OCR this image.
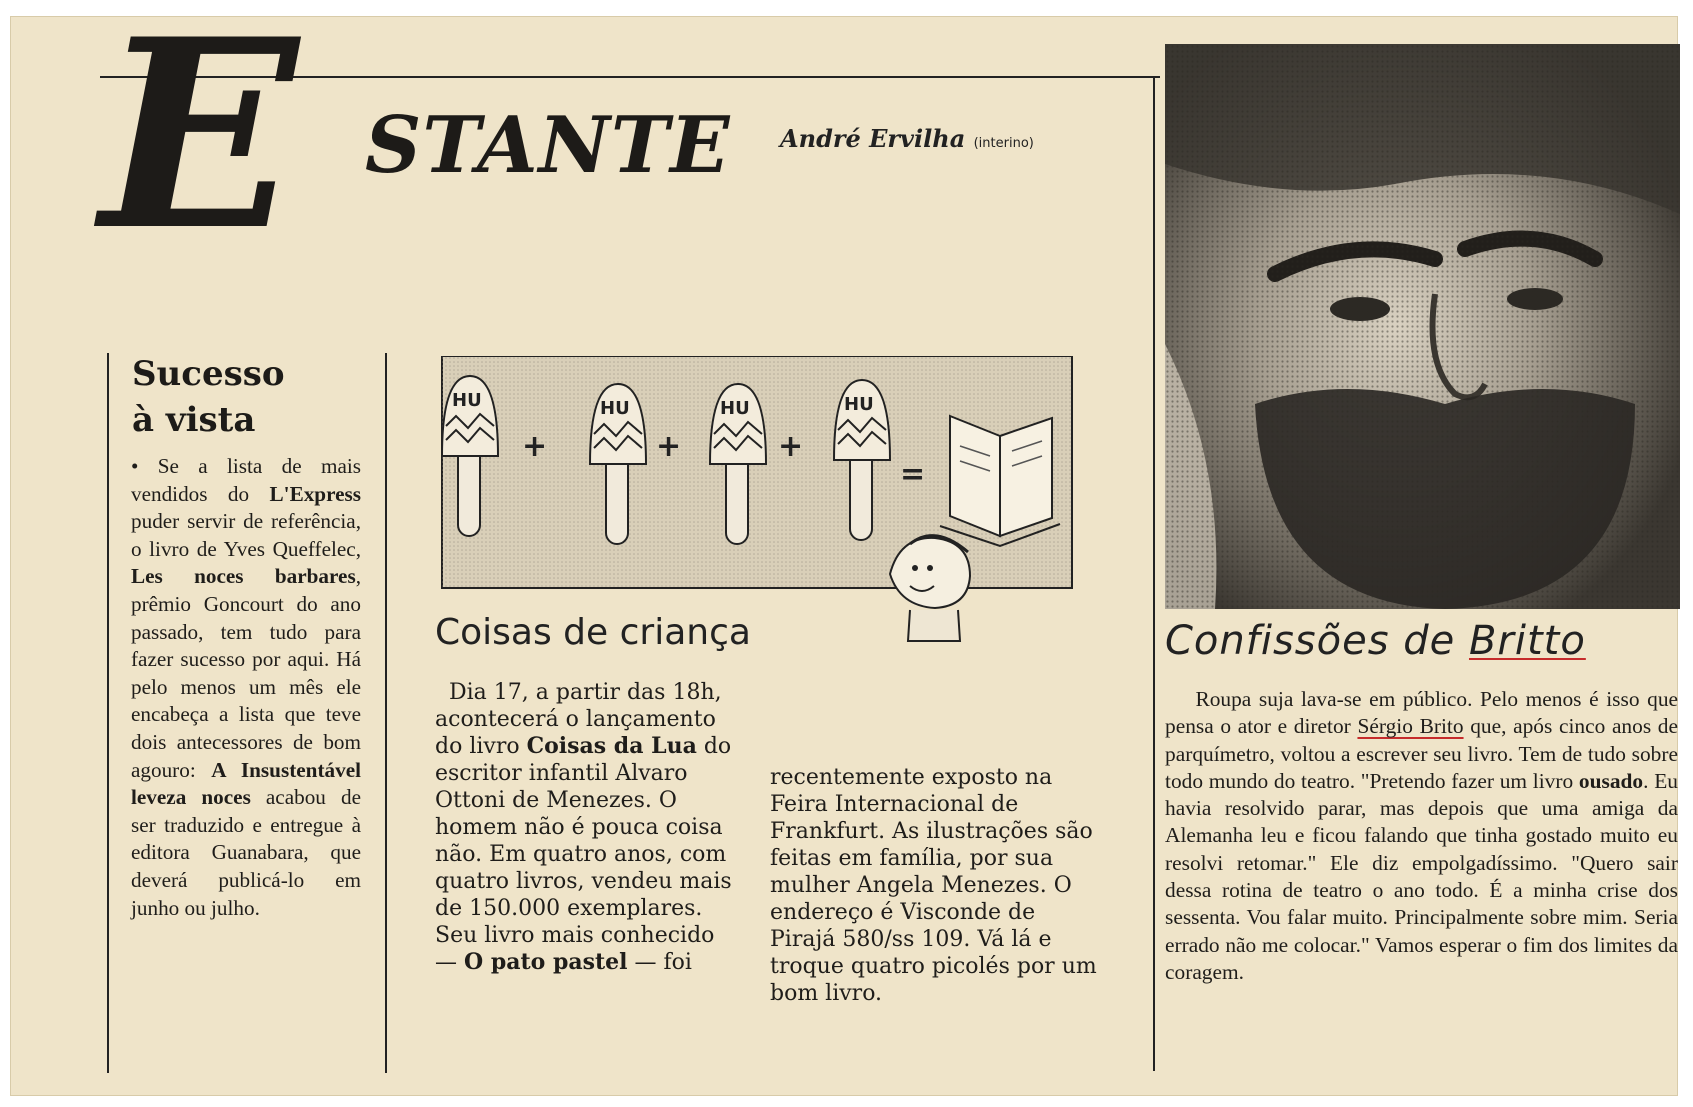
E STANTE André Ervilha (interino)
Sucesso
à vista
• Se a lista de mais vendidos do L'Express puder servir de referência, o livro de Yves Queffelec, Les noces barbares, prêmio Goncourt do ano passado, tem tudo para fazer sucesso por aqui. Há pelo menos um mês ele encabeça a lista que teve dois antecessores de bom agouro: A Insustentável leveza noces acabou de ser traduzido e entregue à editora Guanabara, que deverá publicá-lo em junho ou julho.
HU
+
HU
+
HU
+
HU
=
Coisas de criança
Dia 17, a partir das 18h, acontecerá o lançamento do livro Coisas da Lua do escritor infantil Alvaro Ottoni de Menezes. O homem não é pouca coisa não. Em quatro anos, com quatro livros, vendeu mais de 150.000 exemplares. Seu livro mais conhecido — O pato pastel — foi
recentemente exposto na Feira Internacional de Frankfurt. As ilustrações são feitas em família, por sua mulher Angela Menezes. O endereço é Visconde de Pirajá 580/ss 109. Vá lá e troque quatro picolés por um bom livro.
Confissões de Britto
Roupa suja lava-se em público. Pelo menos é isso que pensa o ator e diretor Sérgio Brito que, após cinco anos de parquímetro, voltou a escrever seu livro. Tem de tudo sobre todo mundo do teatro. "Pretendo fazer um livro ousado. Eu havia resolvido parar, mas depois que uma amiga da Alemanha leu e ficou falando que tinha gostado muito eu resolvi retomar." Ele diz empolgadíssimo. "Quero sair dessa rotina de teatro o ano todo. É a minha crise dos sessenta. Vou falar muito. Principalmente sobre mim. Seria errado não me colocar." Vamos esperar o fim dos limites da coragem.
